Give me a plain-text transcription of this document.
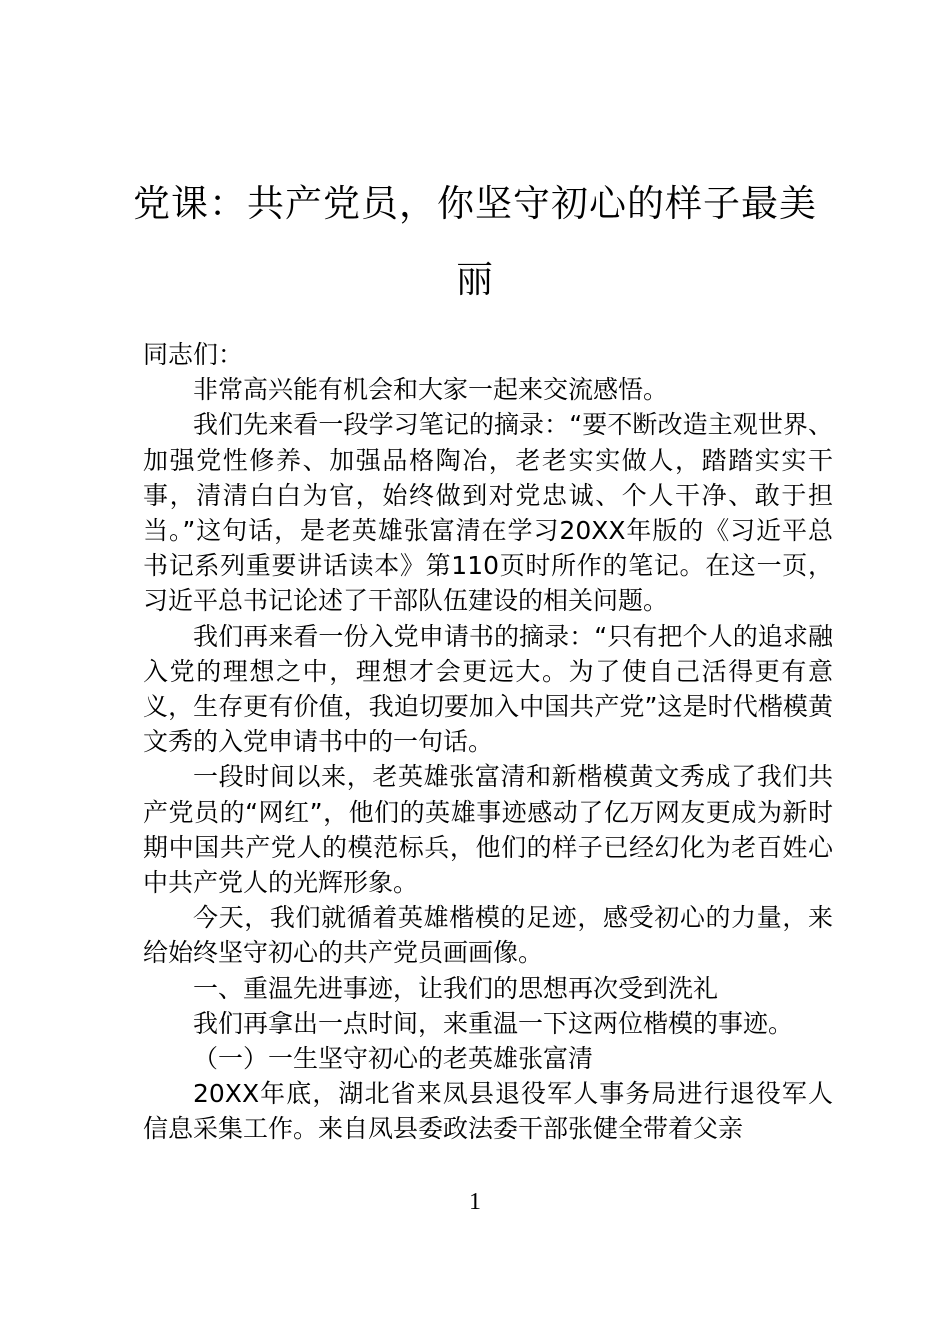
党课：共产党员，你坚守初心的样子最美丽

同志们：

非常高兴能有机会和大家一起来交流感悟。

我们先来看一段学习笔记的摘录：“要不断改造主观世界、加强党性修养、加强品格陶冶，老老实实做人，踏踏实实干事，清清白白为官，始终做到对党忠诚、个人干净、敢于担当。”这句话，是老英雄张富清在学习20XX年版的《习近平总书记系列重要讲话读本》第110页时所作的笔记。在这一页，习近平总书记论述了干部队伍建设的相关问题。

我们再来看一份入党申请书的摘录：“只有把个人的追求融入党的理想之中，理想才会更远大。为了使自己活得更有意义，生存更有价值，我迫切要加入中国共产党”这是时代楷模黄文秀的入党申请书中的一句话。

一段时间以来，老英雄张富清和新楷模黄文秀成了我们共产党员的“网红”，他们的英雄事迹感动了亿万网友更成为新时期中国共产党人的模范标兵，他们的样子已经幻化为老百姓心中共产党人的光辉形象。

今天，我们就循着英雄楷模的足迹，感受初心的力量，来给始终坚守初心的共产党员画画像。

一、重温先进事迹，让我们的思想再次受到洗礼

我们再拿出一点时间，来重温一下这两位楷模的事迹。

（一）一生坚守初心的老英雄张富清

20XX年底，湖北省来凤县退役军人事务局进行退役军人信息采集工作。来自凤县委政法委干部张健全带着父亲

1
